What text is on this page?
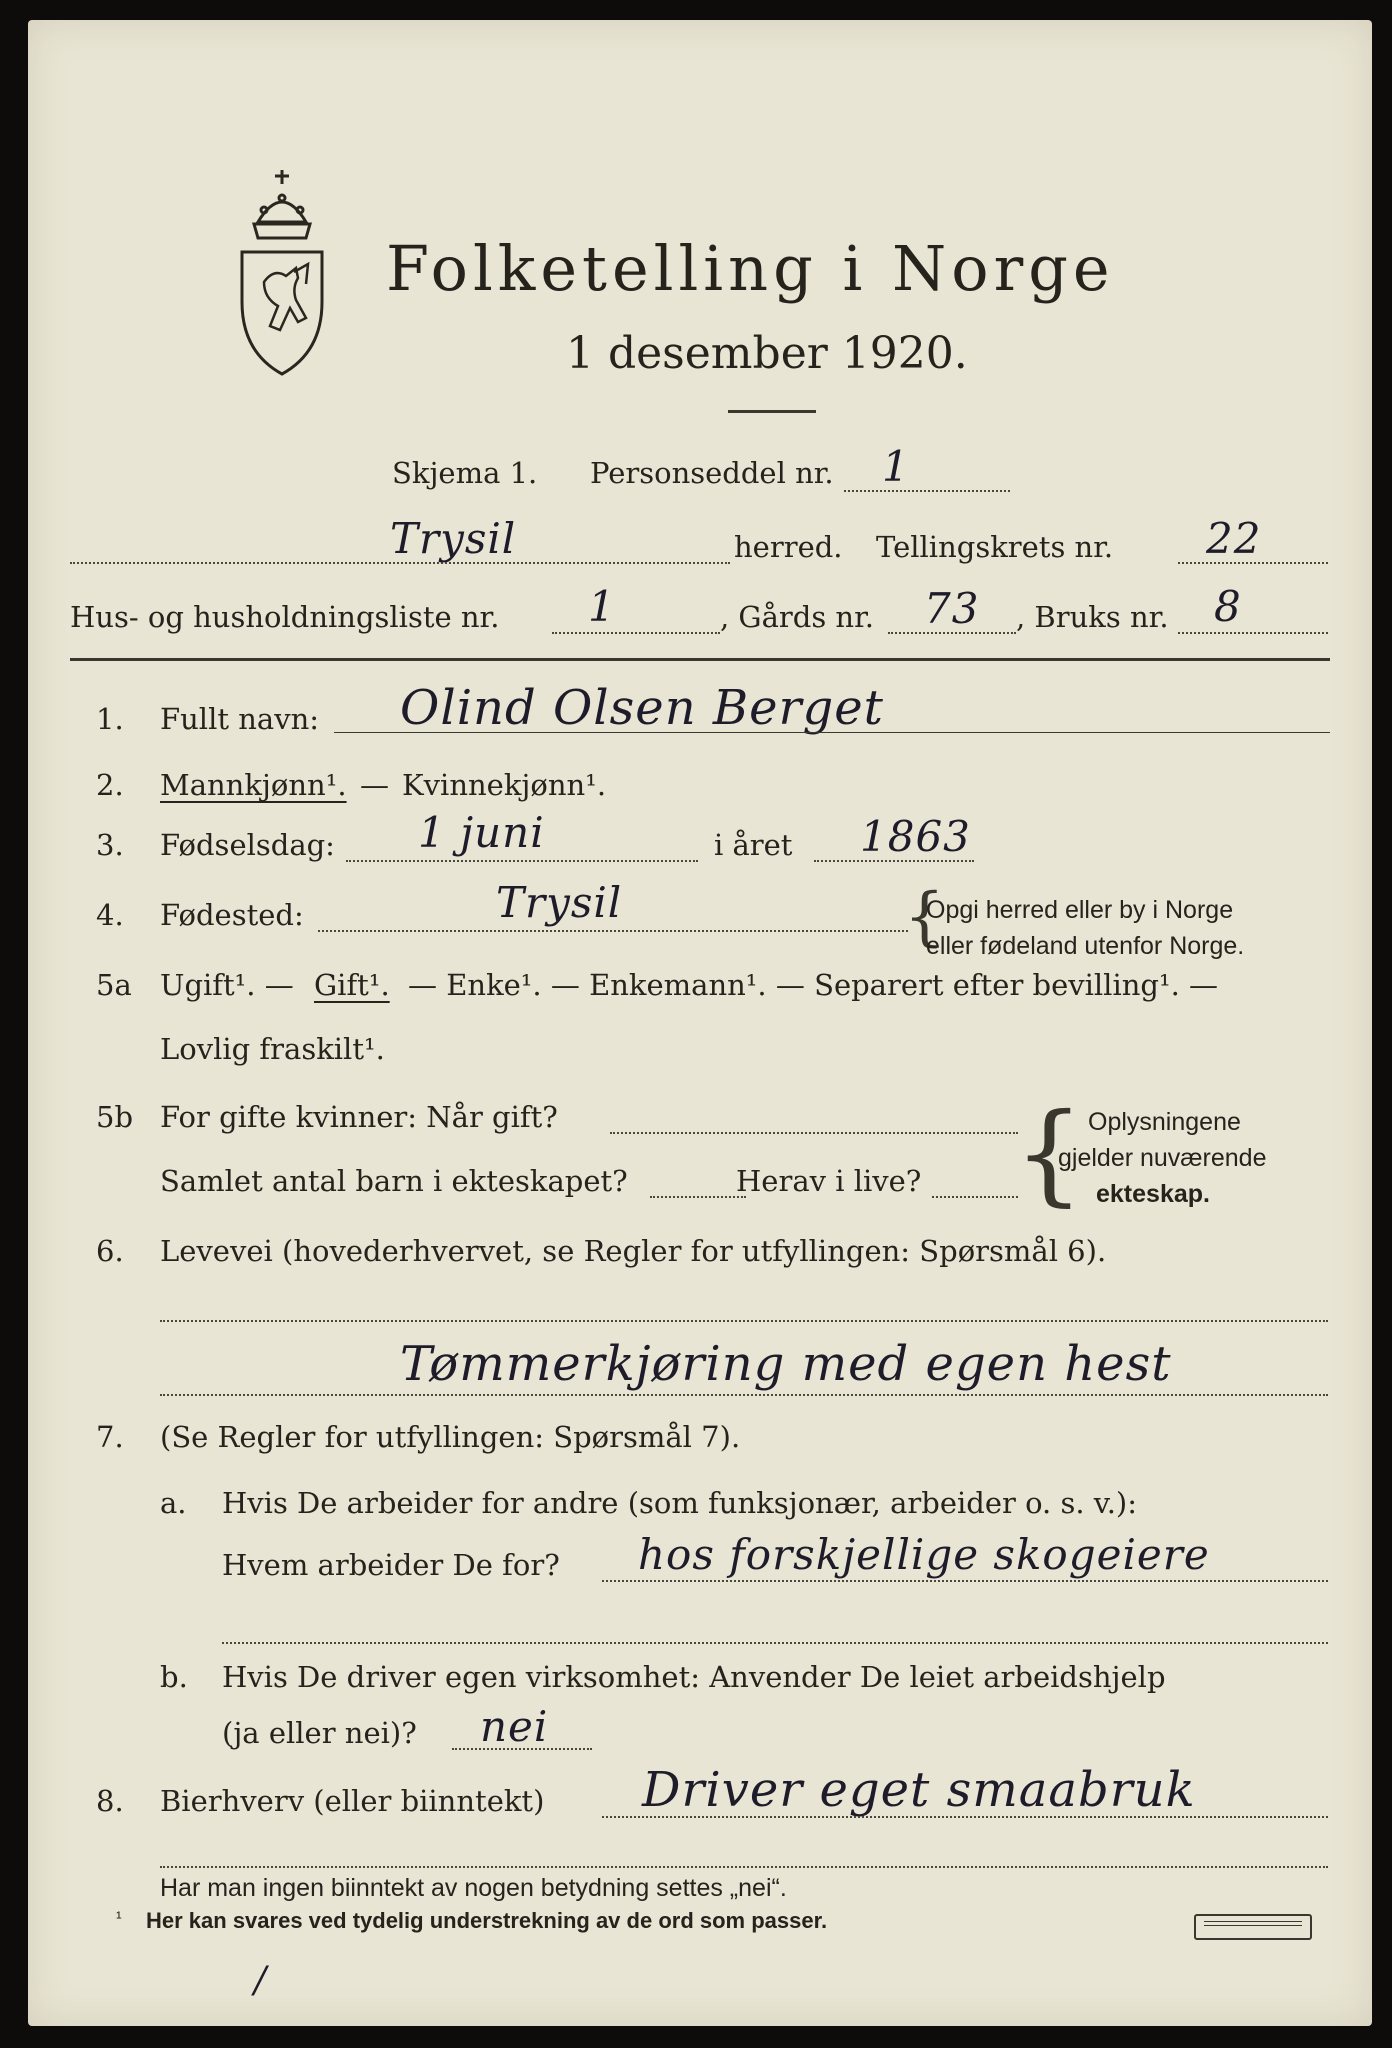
Folketelling i Norge
1 desember 1920.
Skjema 1. Personseddel nr. 1
Trysil	herred. Tellingskrets nr. 22
Hus- og husholdningsliste nr. 1	, Gårds nr. 73 , Bruks nr. 8
1. Fullt navn: Olind Olsen Berget
2. Mannkjønn¹. — Kvinnekjønn¹.
3. Fødselsdag: 1 juni	i året 1863
4. Fødested:	Trysil	{
Opgi herred eller by i Norge
eller fødeland utenfor Norge.
5a Ugift¹. — Gift¹. — Enke¹. — Enkemann¹. — Separert efter bevilling¹. —
Lovlig fraskilt¹.
5b For gifte kvinner: Når gift?
Samlet antal barn i ekteskapet?	Herav i live? { Oplysningene
gjelder nuværende
ekteskap.
6. Levevei (hovederhvervet, se Regler for utfyllingen: Spørsmål 6).
Tømmerkjøring med egen hest
7. (Se Regler for utfyllingen: Spørsmål 7).
a. Hvis De arbeider for andre (som funksjonær, arbeider o. s. v.):
Hvem arbeider De for? hos forskjellige skogeiere
b. Hvis De driver egen virksomhet: Anvender De leiet arbeidshjelp
(ja eller nei)? nei
8. Bierhverv (eller biinntekt) Driver eget smaabruk
Har man ingen biinntekt av nogen betydning settes „nei“.
¹ Her kan svares ved tydelig understrekning av de ord som passer.
/
